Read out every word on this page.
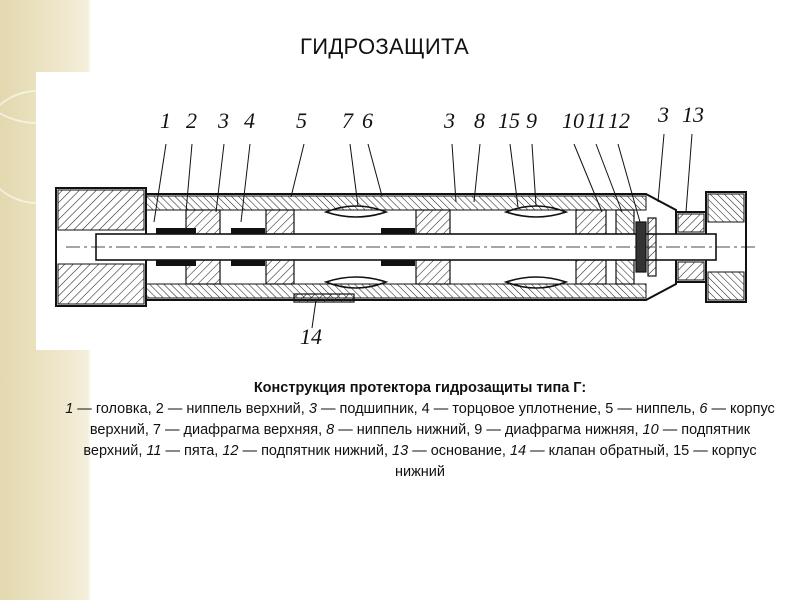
ГИДРОЗАЩИТА
1 2 3 4 5 7 6	3 8 15 9 10 11 12 3 13
14
Конструкция протектора гидрозащиты типа Г:
1 — головка, 2 — ниппель верхний, 3 — подшипник, 4 — торцовое уплотнение, 5 — ниппель, 6 — корпус верхний, 7 — диафрагма верхняя, 8 — ниппель нижний, 9 — диафрагма нижняя, 10 — подпятник верхний, 11 — пята, 12 — подпятник нижний, 13 — основание, 14 — клапан обратный, 15 — корпус нижний
